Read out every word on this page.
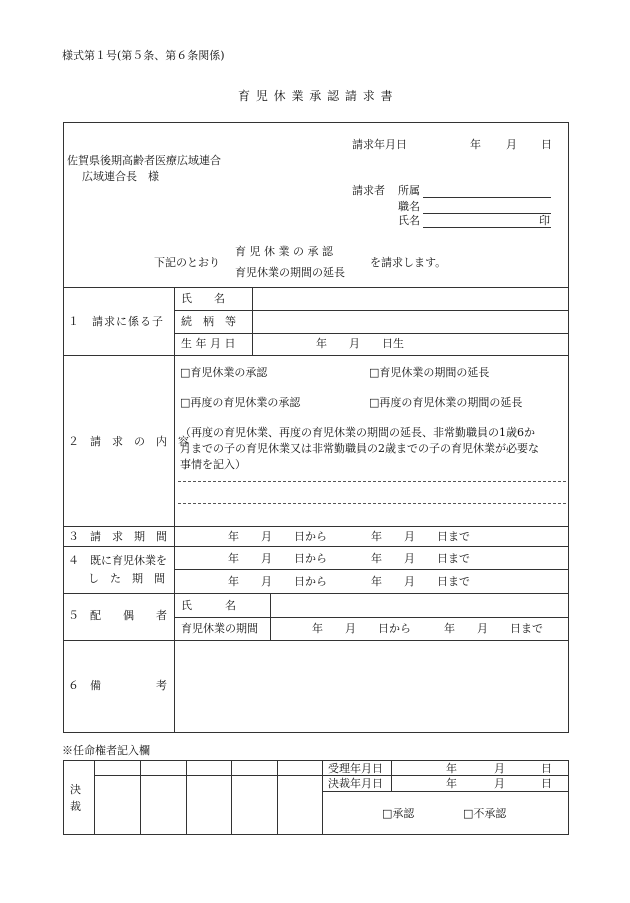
様式第１号(第５条、第６条関係)
育 児 休 業 承 認 請 求 書
請求年月日	年 月 日
佐賀県後期高齢者医療広域連合
広域連合長　様
請求者 所属
職名
氏名	印
下記のとおり
育 児 休 業 の 承 認
育児休業の期間の延長
を請求します。
１　請求に係る子
氏　　名
続　柄　等
生 年 月 日	年　　月　　日生
２　請　求　の　内　容
□育児休業の承認	□育児休業の期間の延長
□再度の育児休業の承認	□再度の育児休業の期間の延長
（再度の育児休業、再度の育児休業の期間の延長、非常勤職員の1歳6か
月までの子の育児休業又は非常勤職員の2歳までの子の育児休業が必要な
事情を記入）
３　請　求　期　間	年　　月　　日から　　　　年　　月　　日まで
４　既に育児休業を
し　た　期　間
年　　月　　日から　　　　年　　月　　日まで
年　　月　　日から　　　　年　　月　　日まで
５　配　　偶　　者
氏　　　名
育児休業の期間	年　　月　　日から　　　年　　月　　日まで
６　備　　　　　考
※任命権者記入欄
決
裁
受理年月日	年	月	日
決裁年月日	年	月	日
□承認	□不承認
